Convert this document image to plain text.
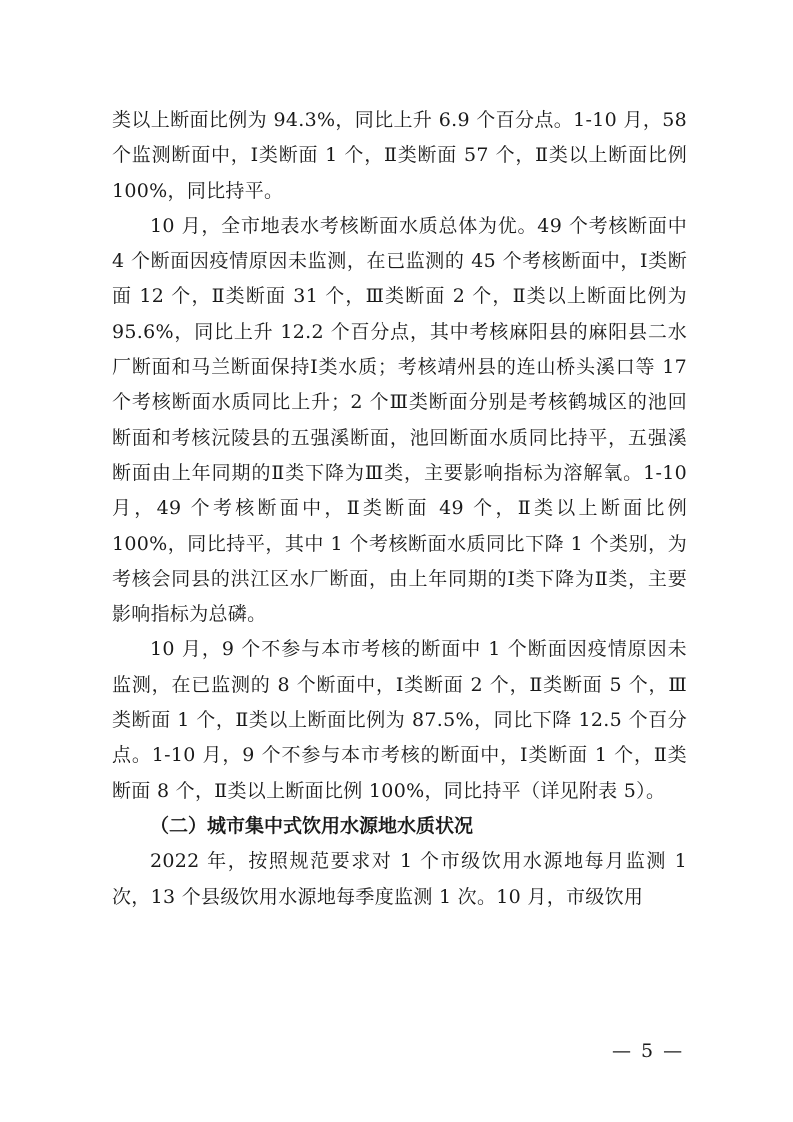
类以上断面比例为 94.3%，同比上升 6.9 个百分点。1-10 月，58 个监测断面中，Ⅰ类断面 1 个，Ⅱ类断面 57 个，Ⅱ类以上断面比例 100%，同比持平。

10 月，全市地表水考核断面水质总体为优。49 个考核断面中 4 个断面因疫情原因未监测，在已监测的 45 个考核断面中，Ⅰ类断面 12 个，Ⅱ类断面 31 个，Ⅲ类断面 2 个，Ⅱ类以上断面比例为 95.6%，同比上升 12.2 个百分点，其中考核麻阳县的麻阳县二水厂断面和马兰断面保持Ⅰ类水质；考核靖州县的连山桥头溪口等 17 个考核断面水质同比上升；2 个Ⅲ类断面分别是考核鹤城区的池回断面和考核沅陵县的五强溪断面，池回断面水质同比持平，五强溪断面由上年同期的Ⅱ类下降为Ⅲ类，主要影响指标为溶解氧。1-10 月，49 个考核断面中，Ⅱ类断面 49 个，Ⅱ类以上断面比例 100%，同比持平，其中 1 个考核断面水质同比下降 1 个类别，为考核会同县的洪江区水厂断面，由上年同期的Ⅰ类下降为Ⅱ类，主要影响指标为总磷。

10 月，9 个不参与本市考核的断面中 1 个断面因疫情原因未监测，在已监测的 8 个断面中，Ⅰ类断面 2 个，Ⅱ类断面 5 个，Ⅲ类断面 1 个，Ⅱ类以上断面比例为 87.5%，同比下降 12.5 个百分点。1-10 月，9 个不参与本市考核的断面中，Ⅰ类断面 1 个，Ⅱ类断面 8 个，Ⅱ类以上断面比例 100%，同比持平（详见附表 5）。

（二）城市集中式饮用水源地水质状况

2022 年，按照规范要求对 1 个市级饮用水源地每月监测 1 次，13 个县级饮用水源地每季度监测 1 次。10 月，市级饮用

— 5 —
